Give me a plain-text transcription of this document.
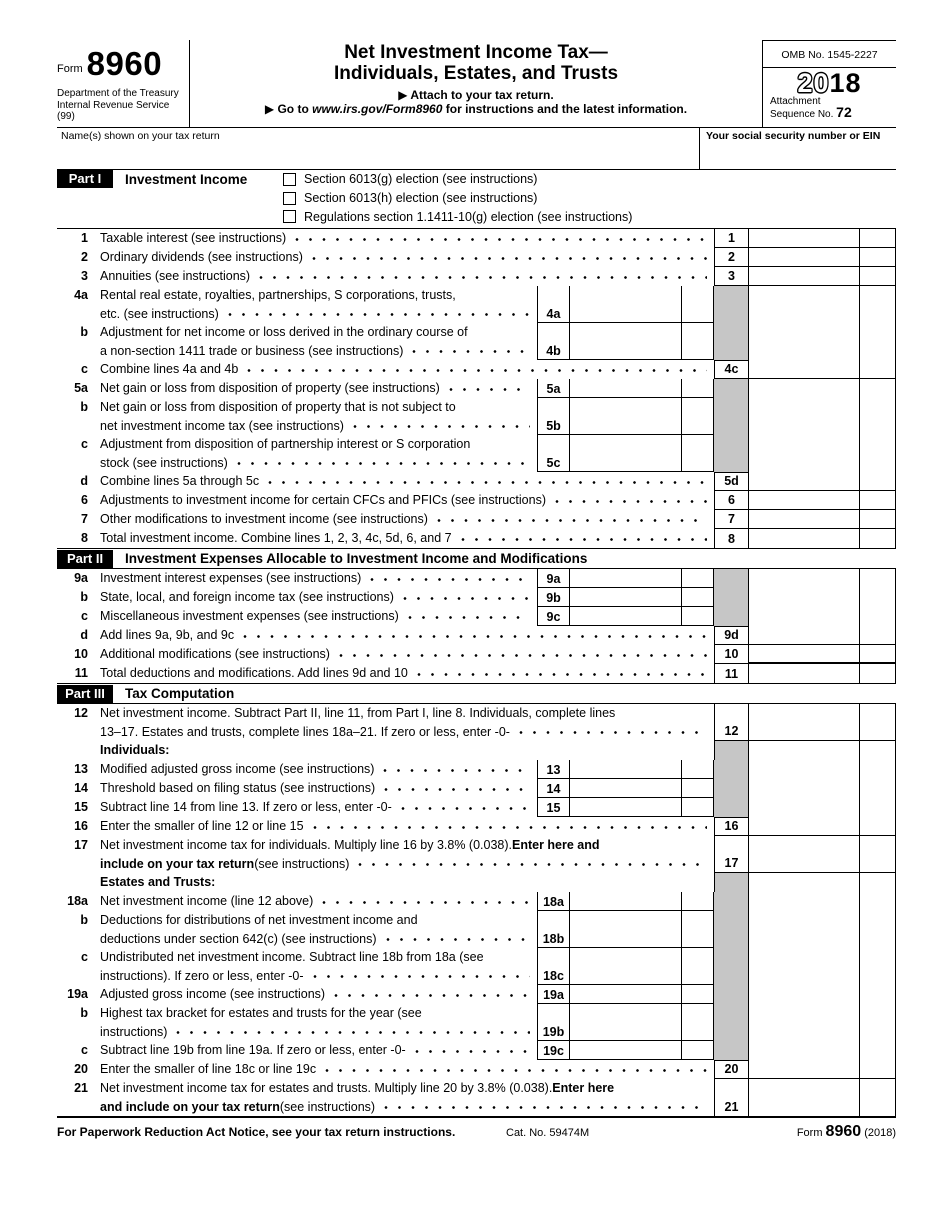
Form 8960
Department of the Treasury
Internal Revenue Service (99)
Net Investment Income Tax—
Individuals, Estates, and Trusts
▶ Attach to your tax return.
▶ Go to www.irs.gov/Form8960 for instructions and the latest information.
OMB No. 1545-2227
2018
Attachment
Sequence No. 72
Name(s) shown on your tax return	Your social security number or EIN
Part I	Investment Income	Section 6013(g) election (see instructions)
Section 6013(h) election (see instructions)
Regulations section 1.1411-10(g) election (see instructions)
1 Taxable interest (see instructions)	1
2 Ordinary dividends (see instructions)	2
3 Annuities (see instructions)	3
4a Rental real estate, royalties, partnerships, S corporations, trusts,
etc. (see instructions)	4a
b Adjustment for net income or loss derived in the ordinary course of
a non-section 1411 trade or business (see instructions)	4b
c Combine lines 4a and 4b	4c
5a Net gain or loss from disposition of property (see instructions)	5a
b Net gain or loss from disposition of property that is not subject to
net investment income tax (see instructions)	5b
c Adjustment from disposition of partnership interest or S corporation
stock (see instructions)	5c
d Combine lines 5a through 5c	5d
6 Adjustments to investment income for certain CFCs and PFICs (see instructions)	6
7 Other modifications to investment income (see instructions)	7
8 Total investment income. Combine lines 1, 2, 3, 4c, 5d, 6, and 7	8
Part II	Investment Expenses Allocable to Investment Income and Modifications
9a Investment interest expenses (see instructions)	9a
b State, local, and foreign income tax (see instructions)	9b
c Miscellaneous investment expenses (see instructions)	9c
d Add lines 9a, 9b, and 9c	9d
10 Additional modifications (see instructions)	10
11 Total deductions and modifications. Add lines 9d and 10	11
Part III	Tax Computation
12 Net investment income. Subtract Part II, line 11, from Part I, line 8. Individuals, complete lines
13–17. Estates and trusts, complete lines 18a–21. If zero or less, enter -0-	12
Individuals:
13 Modified adjusted gross income (see instructions)	13
14 Threshold based on filing status (see instructions)	14
15 Subtract line 14 from line 13. If zero or less, enter -0-	15
16 Enter the smaller of line 12 or line 15	16
17 Net investment income tax for individuals. Multiply line 16 by 3.8% (0.038). Enter here and
include on your tax return (see instructions)	17
Estates and Trusts:
18a Net investment income (line 12 above)	18a
b Deductions for distributions of net investment income and
deductions under section 642(c) (see instructions)	18b
c Undistributed net investment income. Subtract line 18b from 18a (see
instructions). If zero or less, enter -0-	18c
19a Adjusted gross income (see instructions)	19a
b Highest tax bracket for estates and trusts for the year (see
instructions)	19b
c Subtract line 19b from line 19a. If zero or less, enter -0-	19c
20 Enter the smaller of line 18c or line 19c	20
21 Net investment income tax for estates and trusts. Multiply line 20 by 3.8% (0.038). Enter here
and include on your tax return (see instructions)	21
For Paperwork Reduction Act Notice, see your tax return instructions.	Cat. No. 59474M	Form 8960 (2018)
